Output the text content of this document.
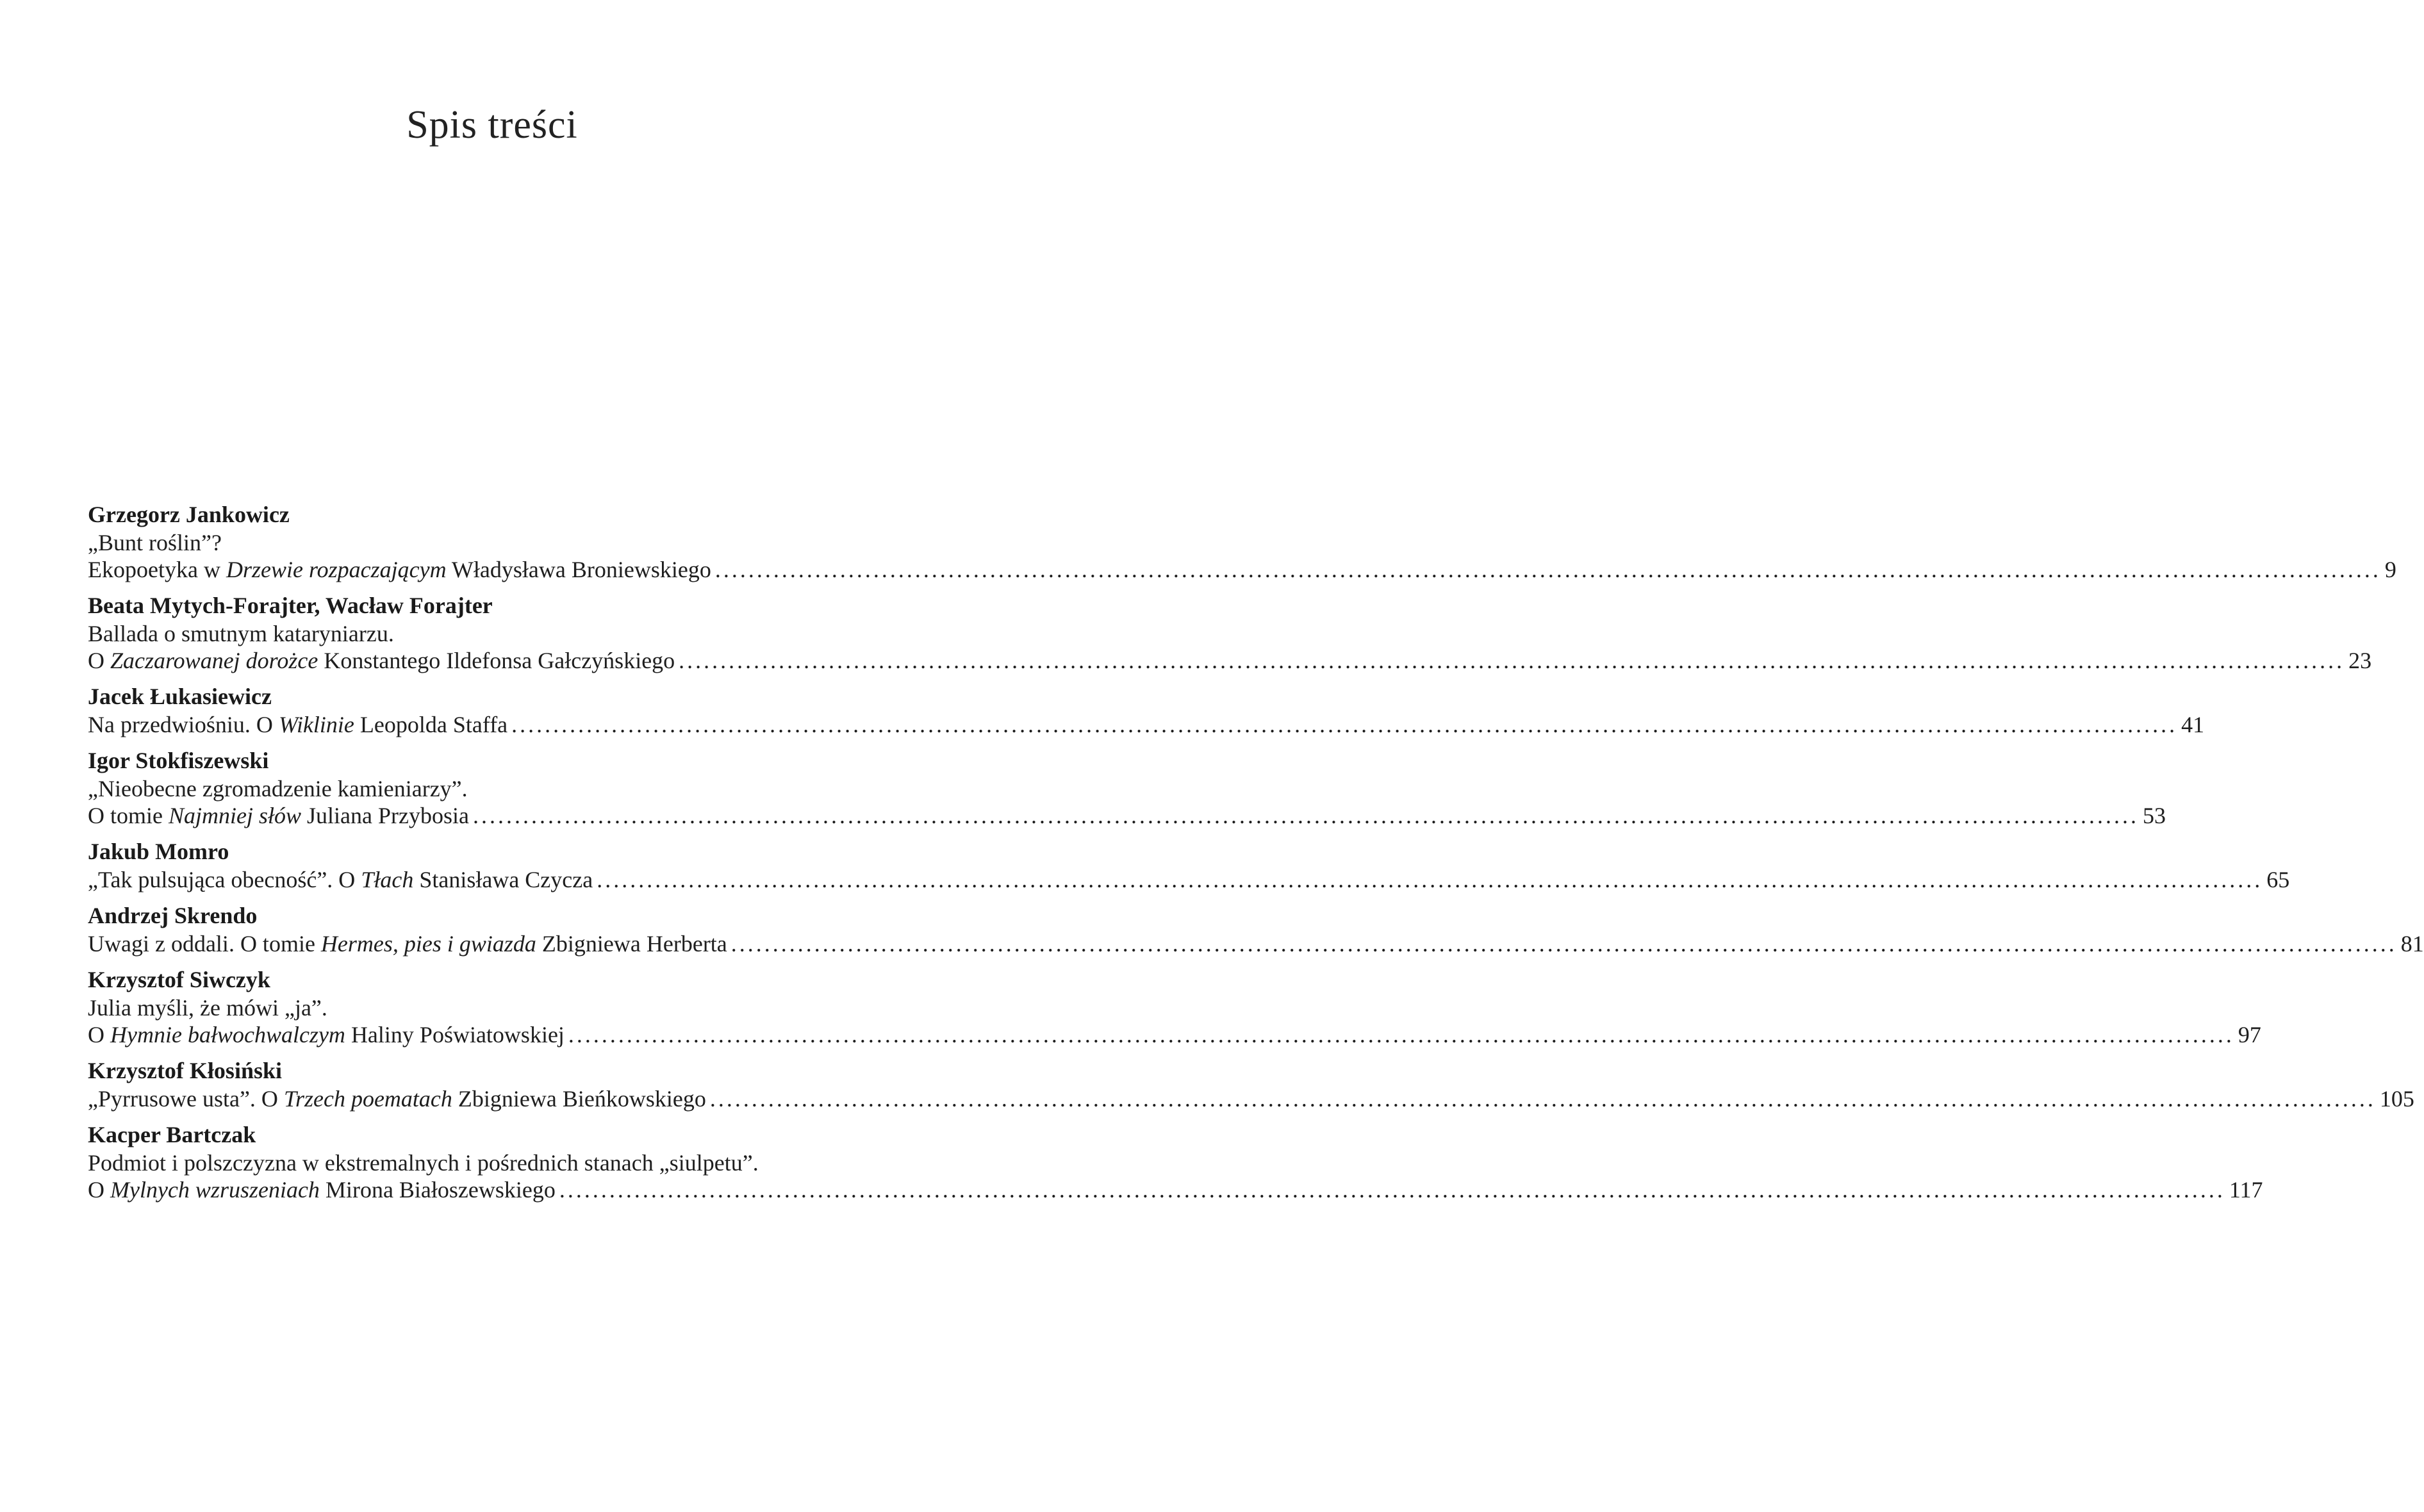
Spis treści
Grzegorz Jankowicz
„Bunt roślin”?
Ekopoetyka w Drzewie rozpaczającym Władysława Broniewskiego ........................................................................................................................................................................................................ 9
Beata Mytych-Forajter, Wacław Forajter
Ballada o smutnym kataryniarzu.
O Zaczarowanej dorożce Konstantego Ildefonsa Gałczyńskiego ........................................................................................................................................................................................................ 23
Jacek Łukasiewicz
Na przedwiośniu. O Wiklinie Leopolda Staffa ........................................................................................................................................................................................................ 41
Igor Stokfiszewski
„Nieobecne zgromadzenie kamieniarzy”.
O tomie Najmniej słów Juliana Przybosia ........................................................................................................................................................................................................ 53
Jakub Momro
„Tak pulsująca obecność”. O Tłach Stanisława Czycza ........................................................................................................................................................................................................ 65
Andrzej Skrendo
Uwagi z oddali. O tomie Hermes, pies i gwiazda Zbigniewa Herberta ........................................................................................................................................................................................................ 81
Krzysztof Siwczyk
Julia myśli, że mówi „ja”.
O Hymnie bałwochwalczym Haliny Poświatowskiej ........................................................................................................................................................................................................ 97
Krzysztof Kłosiński
„Pyrrusowe usta”. O Trzech poematach Zbigniewa Bieńkowskiego ........................................................................................................................................................................................................ 105
Kacper Bartczak
Podmiot i polszczyzna w ekstremalnych i pośrednich stanach „siulpetu”.
O Mylnych wzruszeniach Mirona Białoszewskiego ........................................................................................................................................................................................................ 117
